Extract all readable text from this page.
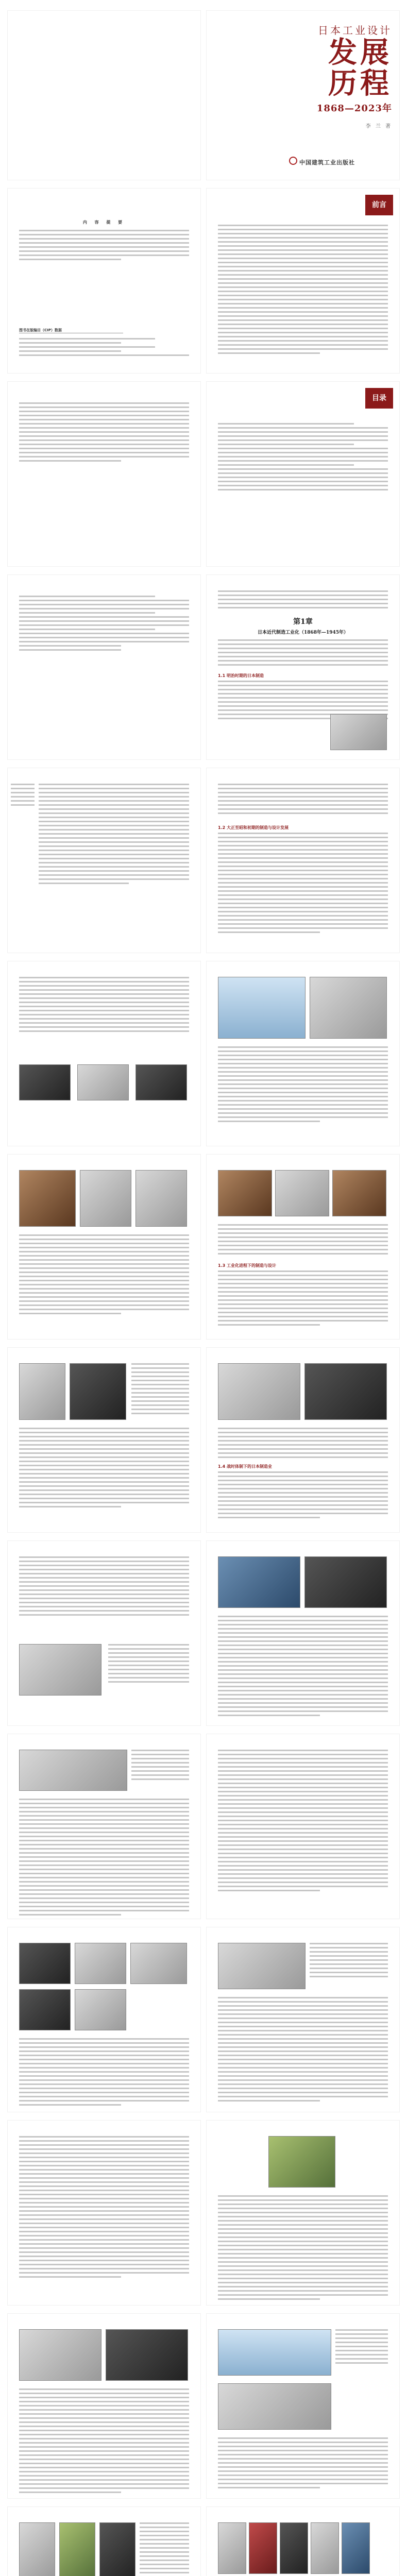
日本工业设计
发展
历程
1868—2023年
李 兰 著
中国建筑工业出版社
内 容 提 要
图书在版编目（CIP）数据
前言
目录
第1章
日本近代制造工业化（1868年—1945年）
1.1 明治时期的日本制造
1.2 大正至昭和初期的制造与设计发展
1.3 工业化进程下的制造与设计
1.4 战时体制下的日本制造业
